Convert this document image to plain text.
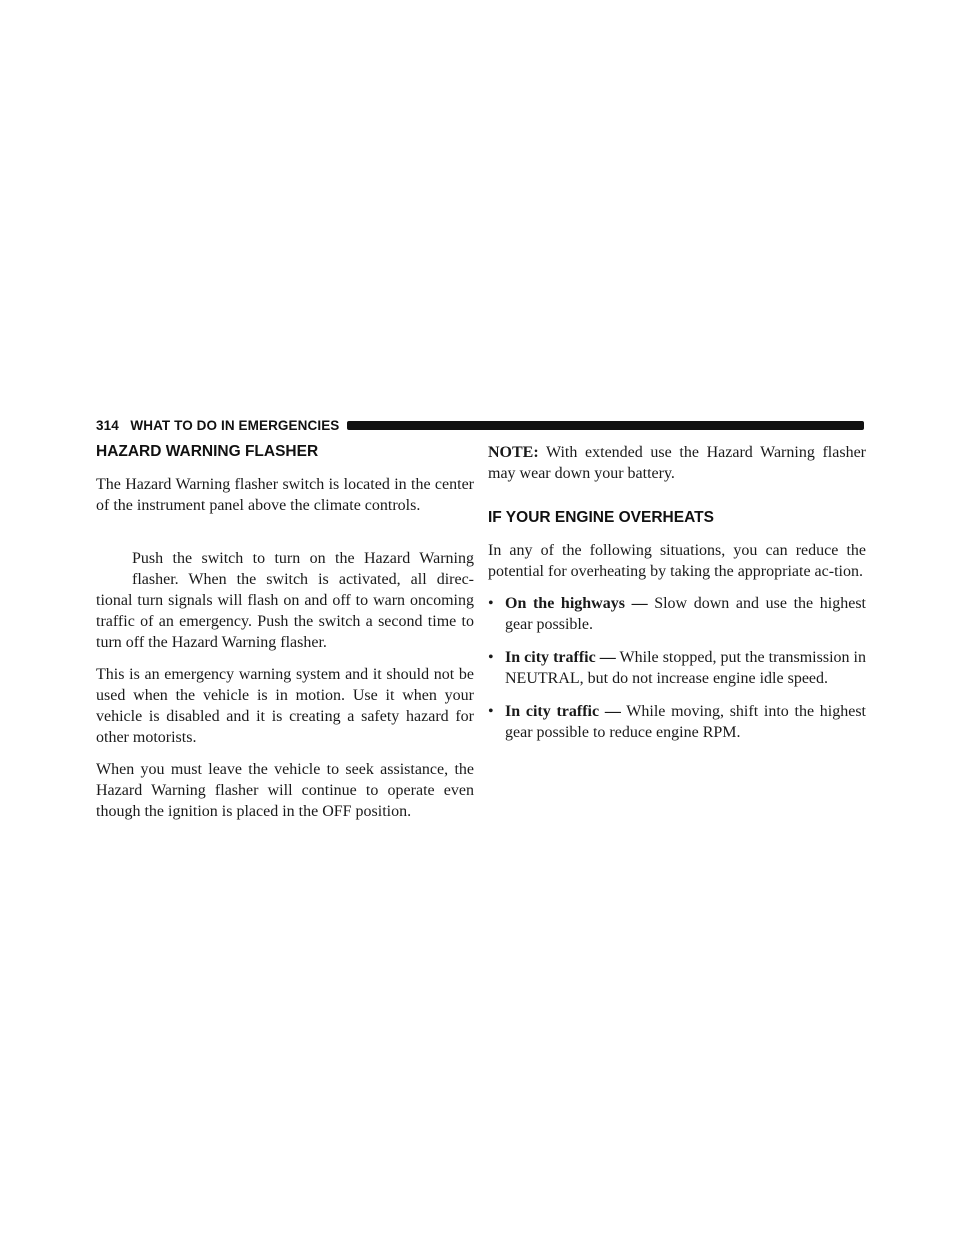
314 WHAT TO DO IN EMERGENCIES
HAZARD WARNING FLASHER

The Hazard Warning flasher switch is located in the center of the instrument panel above the climate controls.

Push the switch to turn on the Hazard Warning
flasher. When the switch is activated, all direc-
tional turn signals will flash on and off to warn oncoming
traffic of an emergency. Push the switch a second time to
turn off the Hazard Warning flasher.

This is an emergency warning system and it should not be used when the vehicle is in motion. Use it when your vehicle is disabled and it is creating a safety hazard for other motorists.

When you must leave the vehicle to seek assistance, the Hazard Warning flasher will continue to operate even though the ignition is placed in the OFF position.

NOTE: With extended use the Hazard Warning flasher may wear down your battery.

IF YOUR ENGINE OVERHEATS

In any of the following situations, you can reduce the potential for overheating by taking the appropriate ac-tion.

• On the highways — Slow down and use the highest gear possible.
• In city traffic — While stopped, put the transmission in NEUTRAL, but do not increase engine idle speed.
• In city traffic — While moving, shift into the highest gear possible to reduce engine RPM.
